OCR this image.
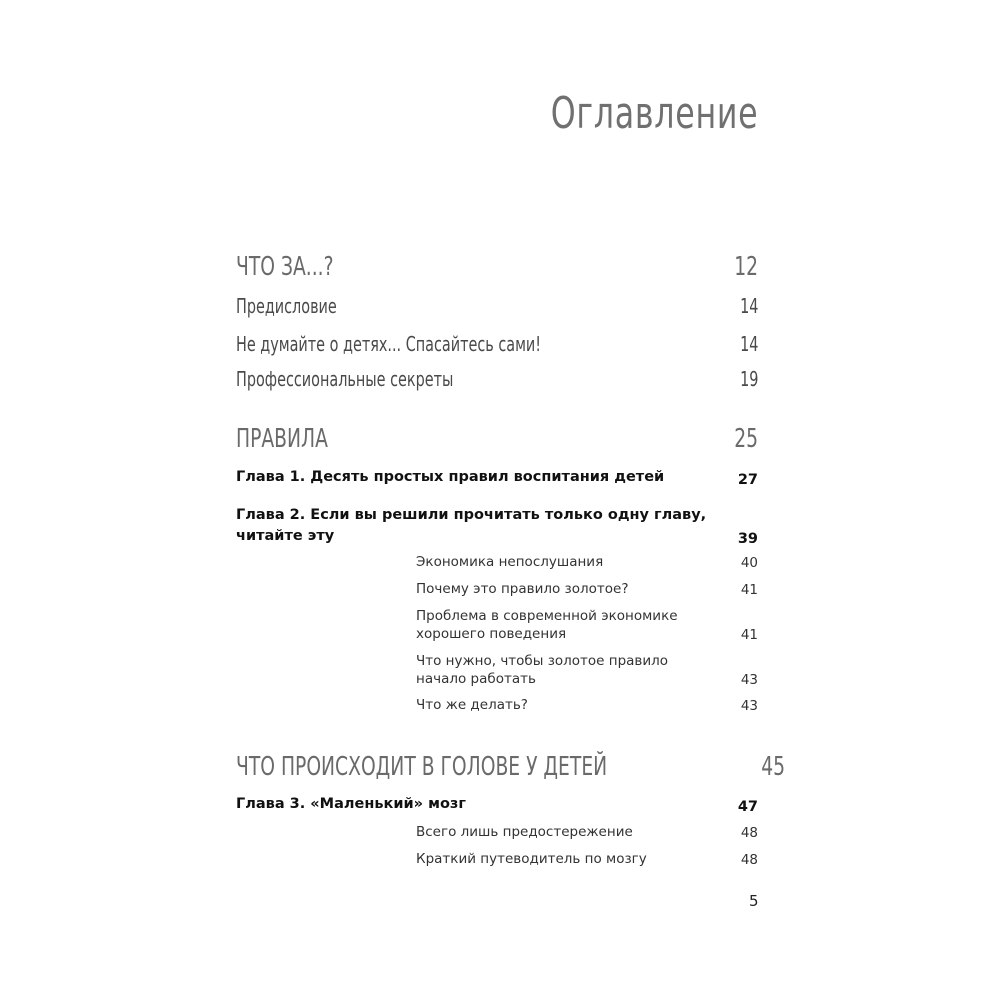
Оглавление
ЧТО ЗА...?	12
Предисловие	14
Не думайте о детях... Спасайтесь сами!	14
Профессиональные секреты	19
ПРАВИЛА	25
Глава 1. Десять простых правил воспитания детей	27
Глава 2. Если вы решили прочитать только одну главу,
читайте эту	39
Экономика непослушания	40
Почему это правило золотое?	41
Проблема в современной экономике
хорошего поведения	41
Что нужно, чтобы золотое правило
начало работать	43
Что же делать?	43
ЧТО ПРОИСХОДИТ В ГОЛОВЕ У ДЕТЕЙ	45
Глава 3. «Маленький» мозг	47
Всего лишь предостережение	48
Краткий путеводитель по мозгу	48
5
